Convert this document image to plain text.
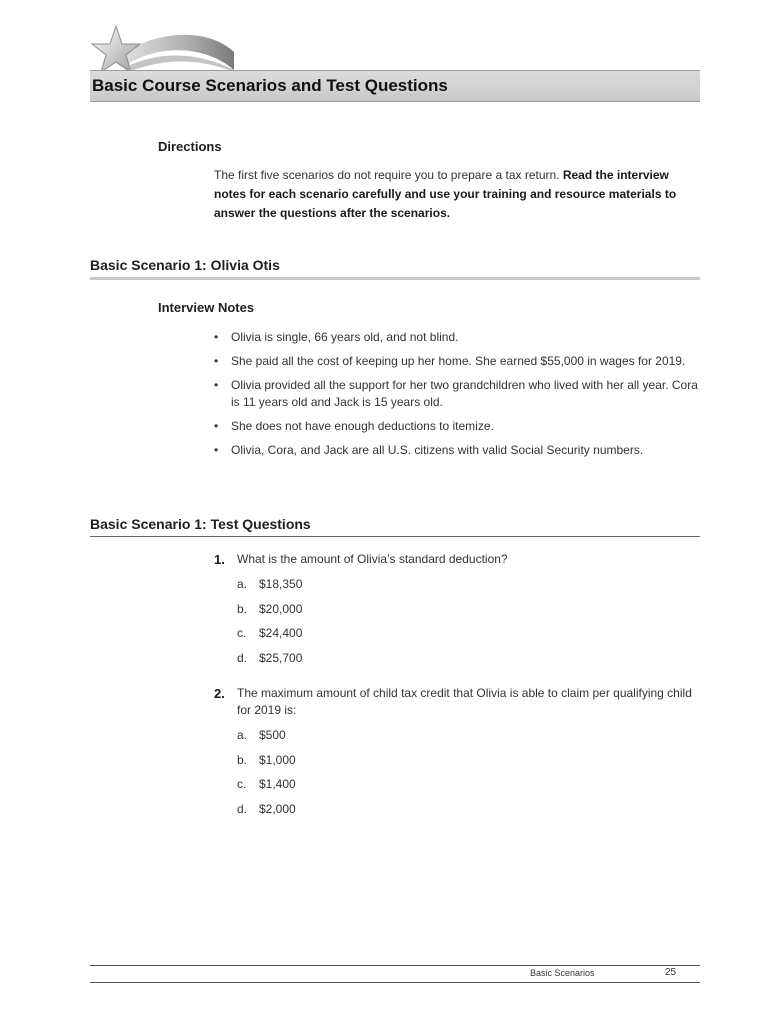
Basic Course Scenarios and Test Questions
Directions

The first five scenarios do not require you to prepare a tax return. Read the interview notes for each scenario carefully and use your training and resource materials to answer the questions after the scenarios.

Basic Scenario 1: Olivia Otis
Interview Notes
• Olivia is single, 66 years old, and not blind.
• She paid all the cost of keeping up her home. She earned $55,000 in wages for 2019.
• Olivia provided all the support for her two grandchildren who lived with her all year. Cora is 11 years old and Jack is 15 years old.
• She does not have enough deductions to itemize.
• Olivia, Cora, and Jack are all U.S. citizens with valid Social Security numbers.
Basic Scenario 1: Test Questions
1. What is the amount of Olivia’s standard deduction?
a. $18,350
b. $20,000
c. $24,400
d. $25,700
2. The maximum amount of child tax credit that Olivia is able to claim per qualifying child for 2019 is:
a. $500
b. $1,000
c. $1,400
d. $2,000

Basic Scenarios	25
